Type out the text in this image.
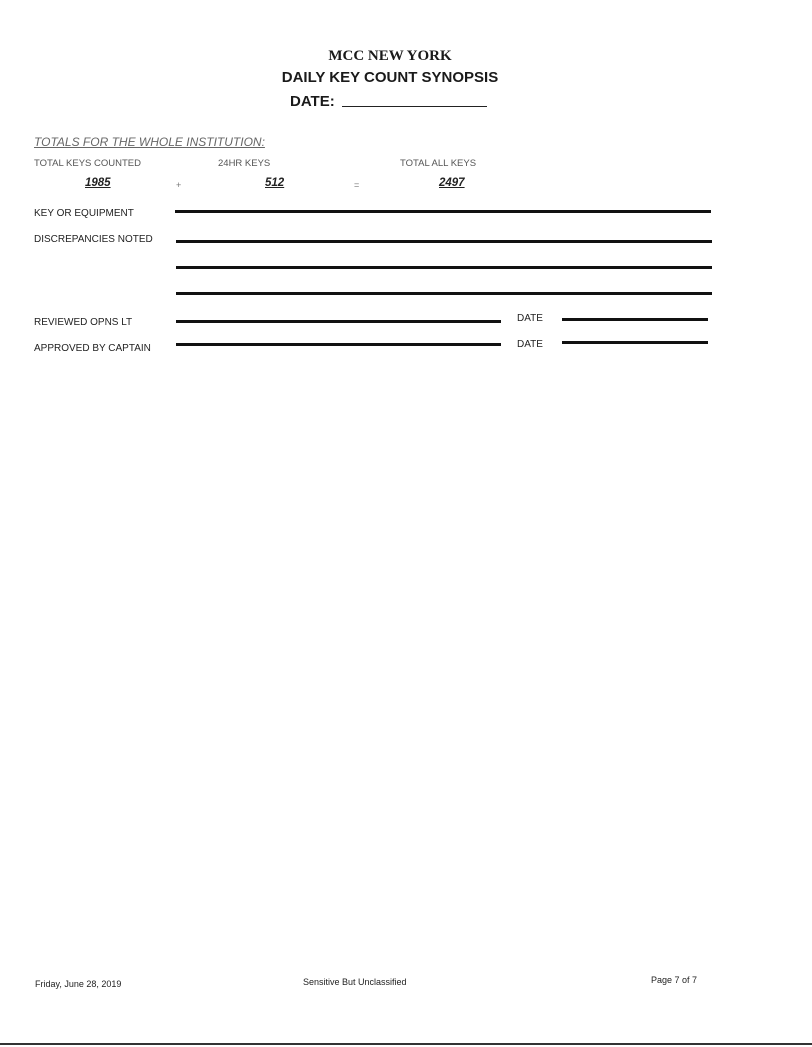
MCC NEW YORK
DAILY KEY COUNT SYNOPSIS
DATE:
TOTALS FOR THE WHOLE INSTITUTION:
TOTAL KEYS COUNTED	24HR KEYS	TOTAL ALL KEYS
1985	+	512	=	2497
KEY OR EQUIPMENT
DISCREPANCIES NOTED
REVIEWED OPNS LT	DATE
APPROVED BY CAPTAIN	DATE
Friday, June 28, 2019	Sensitive But Unclassified	Page 7 of 7
